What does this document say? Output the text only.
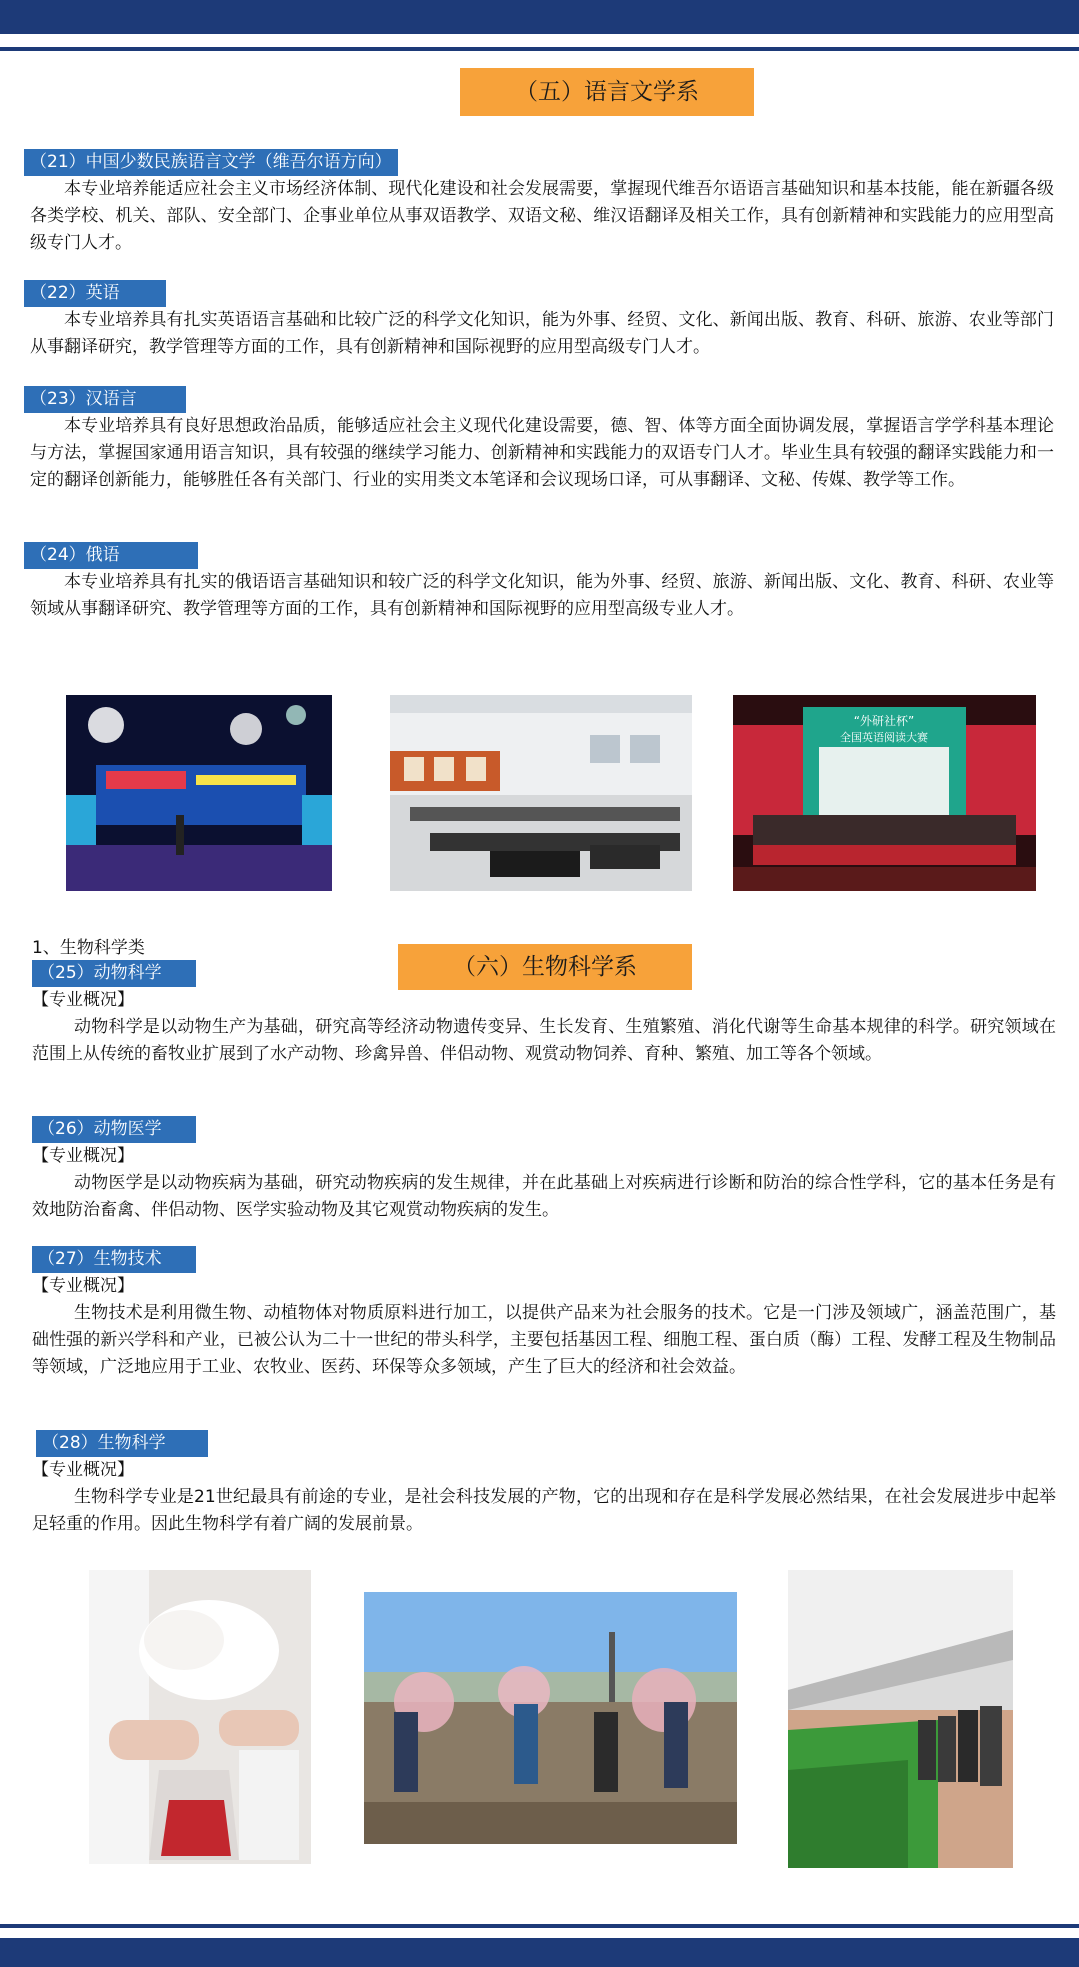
（五）语言文学系
（21）中国少数民族语言文学（维吾尔语方向）
本专业培养能适应社会主义市场经济体制、现代化建设和社会发展需要，掌握现代维吾尔语语言基础知识和基本技能，能在新疆各级各类学校、机关、部队、安全部门、企事业单位从事双语教学、双语文秘、维汉语翻译及相关工作，具有创新精神和实践能力的应用型高级专门人才。
（22）英语
本专业培养具有扎实英语语言基础和比较广泛的科学文化知识，能为外事、经贸、文化、新闻出版、教育、科研、旅游、农业等部门从事翻译研究，教学管理等方面的工作，具有创新精神和国际视野的应用型高级专门人才。
（23）汉语言
本专业培养具有良好思想政治品质，能够适应社会主义现代化建设需要，德、智、体等方面全面协调发展，掌握语言学学科基本理论与方法，掌握国家通用语言知识，具有较强的继续学习能力、创新精神和实践能力的双语专门人才。毕业生具有较强的翻译实践能力和一定的翻译创新能力，能够胜任各有关部门、行业的实用类文本笔译和会议现场口译，可从事翻译、文秘、传媒、教学等工作。
（24）俄语
本专业培养具有扎实的俄语语言基础知识和较广泛的科学文化知识，能为外事、经贸、旅游、新闻出版、文化、教育、科研、农业等领域从事翻译研究、教学管理等方面的工作，具有创新精神和国际视野的应用型高级专业人才。
“外研社杯”
全国英语阅读大赛
1、生物科学类
（六）生物科学系
（25）动物科学
【专业概况】
动物科学是以动物生产为基础，研究高等经济动物遗传变异、生长发育、生殖繁殖、消化代谢等生命基本规律的科学。研究领域在范围上从传统的畜牧业扩展到了水产动物、珍禽异兽、伴侣动物、观赏动物饲养、育种、繁殖、加工等各个领域。
（26）动物医学
【专业概况】
动物医学是以动物疾病为基础，研究动物疾病的发生规律，并在此基础上对疾病进行诊断和防治的综合性学科，它的基本任务是有效地防治畜禽、伴侣动物、医学实验动物及其它观赏动物疾病的发生。
（27）生物技术
【专业概况】
生物技术是利用微生物、动植物体对物质原料进行加工，以提供产品来为社会服务的技术。它是一门涉及领域广，涵盖范围广，基础性强的新兴学科和产业，已被公认为二十一世纪的带头科学，主要包括基因工程、细胞工程、蛋白质（酶）工程、发酵工程及生物制品等领域，广泛地应用于工业、农牧业、医药、环保等众多领域，产生了巨大的经济和社会效益。
（28）生物科学
【专业概况】
生物科学专业是21世纪最具有前途的专业，是社会科技发展的产物，它的出现和存在是科学发展必然结果，在社会发展进步中起举足轻重的作用。因此生物科学有着广阔的发展前景。
